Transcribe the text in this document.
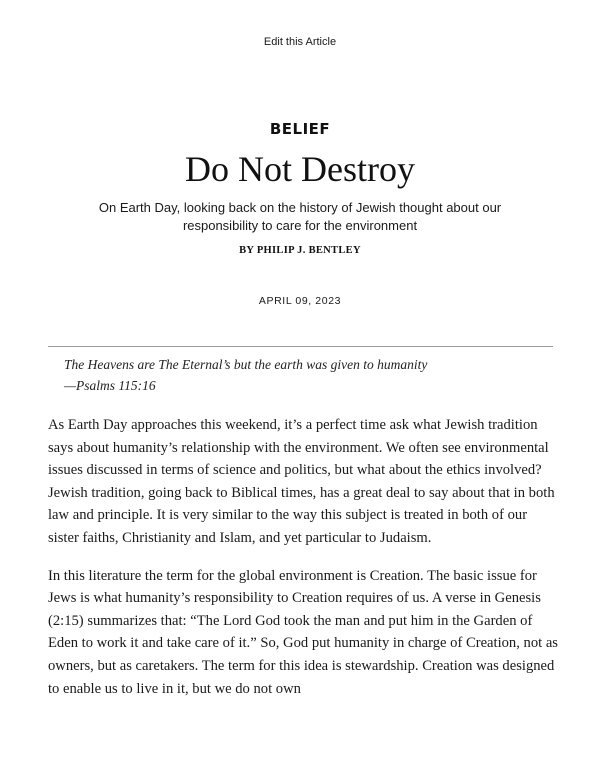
Edit this Article
BELIEF
Do Not Destroy
On Earth Day, looking back on the history of Jewish thought about our responsibility to care for the environment
BY PHILIP J. BENTLEY
APRIL 09, 2023
The Heavens are The Eternal’s but the earth was given to humanity
—Psalms 115:16

As Earth Day approaches this weekend, it’s a perfect time ask what Jewish tradition says about humanity’s relationship with the environment. We often see environmental issues discussed in terms of science and politics, but what about the ethics involved? Jewish tradition, going back to Biblical times, has a great deal to say about that in both law and principle. It is very similar to the way this subject is treated in both of our sister faiths, Christianity and Islam, and yet particular to Judaism.

In this literature the term for the global environment is Creation. The basic issue for Jews is what humanity’s responsibility to Creation requires of us. A verse in Genesis (2:15) summarizes that: “The Lord God took the man and put him in the Garden of Eden to work it and take care of it.” So, God put humanity in charge of Creation, not as owners, but as caretakers. The term for this idea is stewardship. Creation was designed to enable us to live in it, but we do not own
